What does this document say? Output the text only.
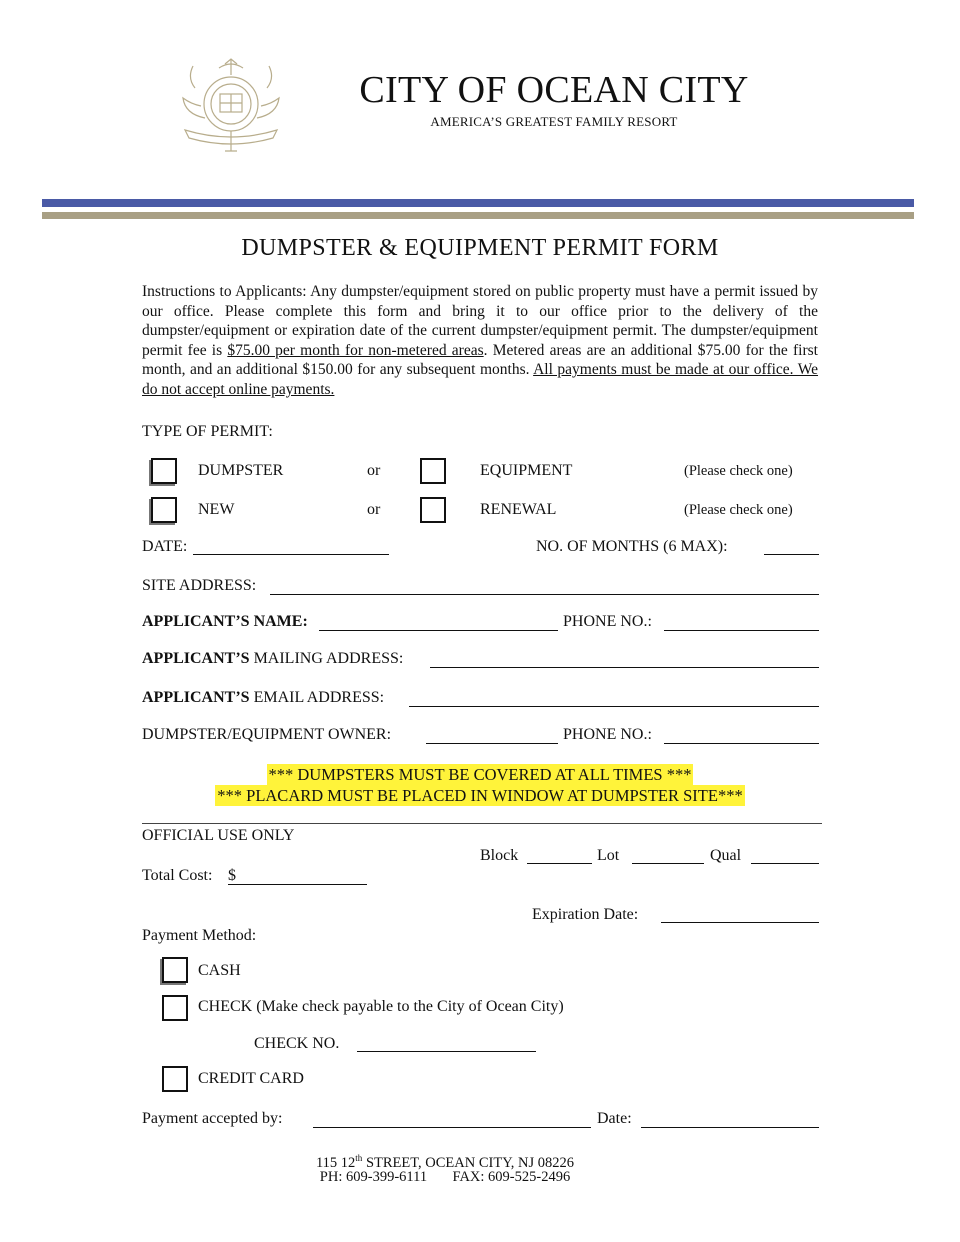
CITY OF OCEAN CITY
AMERICA’S GREATEST FAMILY RESORT
DUMPSTER & EQUIPMENT PERMIT FORM
Instructions to Applicants: Any dumpster/equipment stored on public property must have a permit issued by our office. Please complete this form and bring it to our office prior to the delivery of the dumpster/equipment or expiration date of the current dumpster/equipment permit. The dumpster/equipment permit fee is $75.00 per month for non-metered areas. Metered areas are an additional $75.00 for the first month, and an additional $150.00 for any subsequent months. All payments must be made at our office. We do not accept online payments.
TYPE OF PERMIT:
DUMPSTER	or	EQUIPMENT	(Please check one)
NEW	or	RENEWAL	(Please check one)
DATE:	NO. OF MONTHS (6 MAX):
SITE ADDRESS:
APPLICANT’S NAME:	PHONE NO.:
APPLICANT’S MAILING ADDRESS:
APPLICANT’S EMAIL ADDRESS:
DUMPSTER/EQUIPMENT OWNER:	PHONE NO.:
*** DUMPSTERS MUST BE COVERED AT ALL TIMES ***
*** PLACARD MUST BE PLACED IN WINDOW AT DUMPSTER SITE***
OFFICIAL USE ONLY
Block	Lot	Qual
Total Cost: $
Expiration Date:
Payment Method:
CASH
CHECK (Make check payable to the City of Ocean City)
CHECK NO.
CREDIT CARD
Payment accepted by:	Date:
115 12th STREET, OCEAN CITY, NJ 08226
PH: 609-399-6111 FAX: 609-525-2496
